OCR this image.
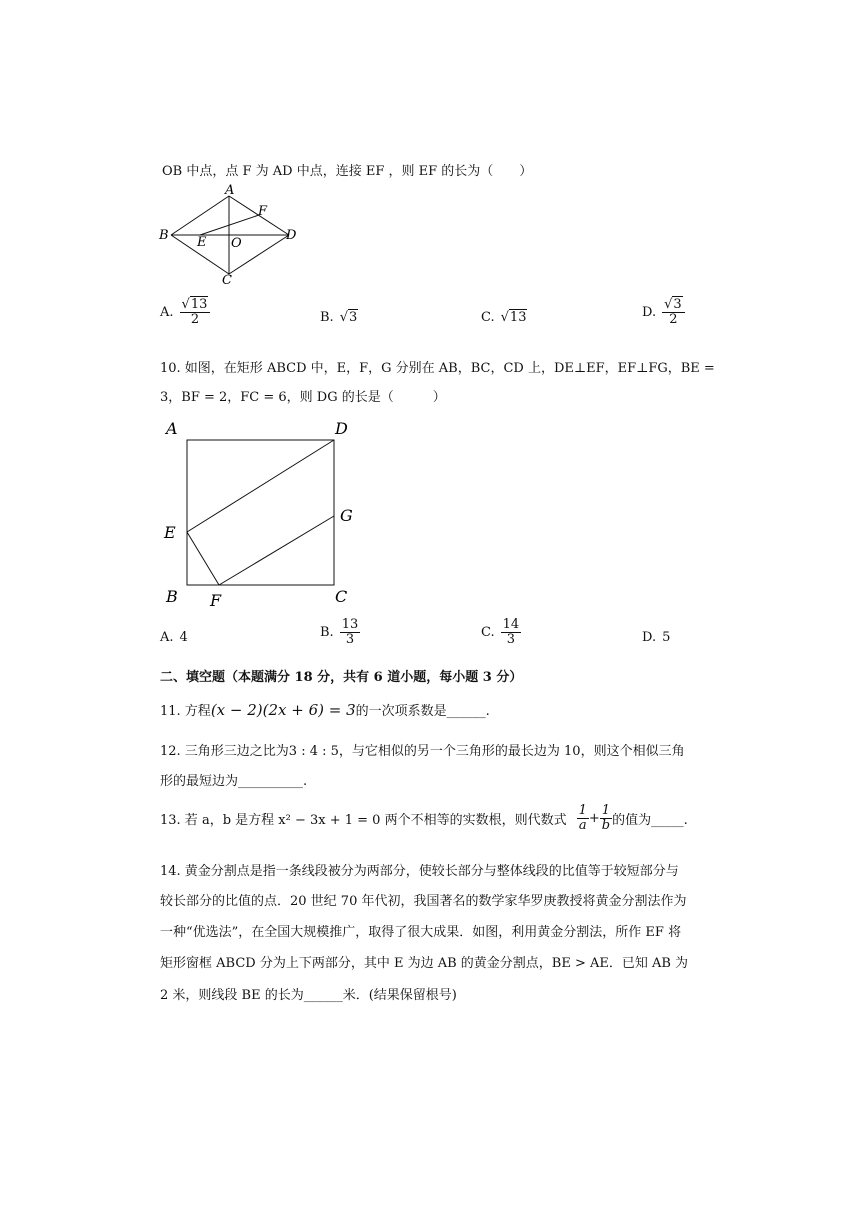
OB 中点，点 F 为 AD 中点，连接 EF ，则 EF 的长为（　　）
A
B
C
D
E
F
O
A. $\frac{√13}{2}$	B. √3	C. √13	D. $\frac{√3}{2}$
10. 如图，在矩形 ABCD 中，E，F，G 分别在 AB，BC，CD 上，DE⊥EF，EF⊥FG，BE =
3，BF = 2，FC = 6，则 DG 的长是（　　　）
A	D
E
G
B F	C
A. 4	B. $\frac{13}{3}$	C. $\frac{14}{3}$	D. 5
二、填空题（本题满分 18 分，共有 6 道小题，每小题 3 分）
11. 方程(x − 2)(2x + 6) = 3的一次项系数是______.
12. 三角形三边之比为3 : 4 : 5，与它相似的另一个三角形的最长边为 10，则这个相似三角
形的最短边为__________.
13. 若 a，b 是方程 x² − 3x + 1 = 0 两个不相等的实数根，则代数式 $\frac{1}{a} + \frac{1}{b}$ 的值为_____.
14. 黄金分割点是指一条线段被分为两部分，使较长部分与整体线段的比值等于较短部分与
较长部分的比值的点．20 世纪 70 年代初，我国著名的数学家华罗庚教授将黄金分割法作为
一种“优选法”，在全国大规模推广，取得了很大成果．如图，利用黄金分割法，所作 EF 将
矩形窗框 ABCD 分为上下两部分，其中 E 为边 AB 的黄金分割点，BE > AE．已知 AB 为
2 米，则线段 BE 的长为______米．(结果保留根号)
